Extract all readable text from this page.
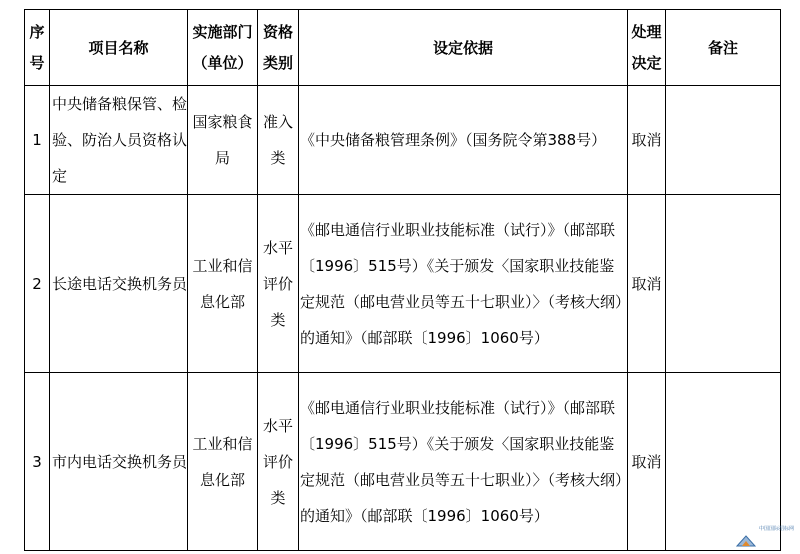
序号	项目名称	实施部门（单位）	资格类别	设定依据	处理决定	备注
1	中央储备粮保管、检验、防治人员资格认定	国家粮食局	准入类	《中央储备粮管理条例》（国务院令第388号）	取消	
2	长途电话交换机务员	工业和信息化部	水平评价类	《邮电通信行业职业技能标准（试行）》（邮部联〔1996〕515号）《关于颁发〈国家职业技能鉴定规范（邮电营业员等五十七职业）〉（考核大纲）的通知》（邮部联〔1996〕1060号）	取消	
3	市内电话交换机务员	工业和信息化部	水平评价类	《邮电通信行业职业技能标准（试行）》（邮部联〔1996〕515号）《关于颁发〈国家职业技能鉴定规范（邮电营业员等五十七职业）〉（考核大纲）的通知》（邮部联〔1996〕1060号）	取消	
中国国际招标网
